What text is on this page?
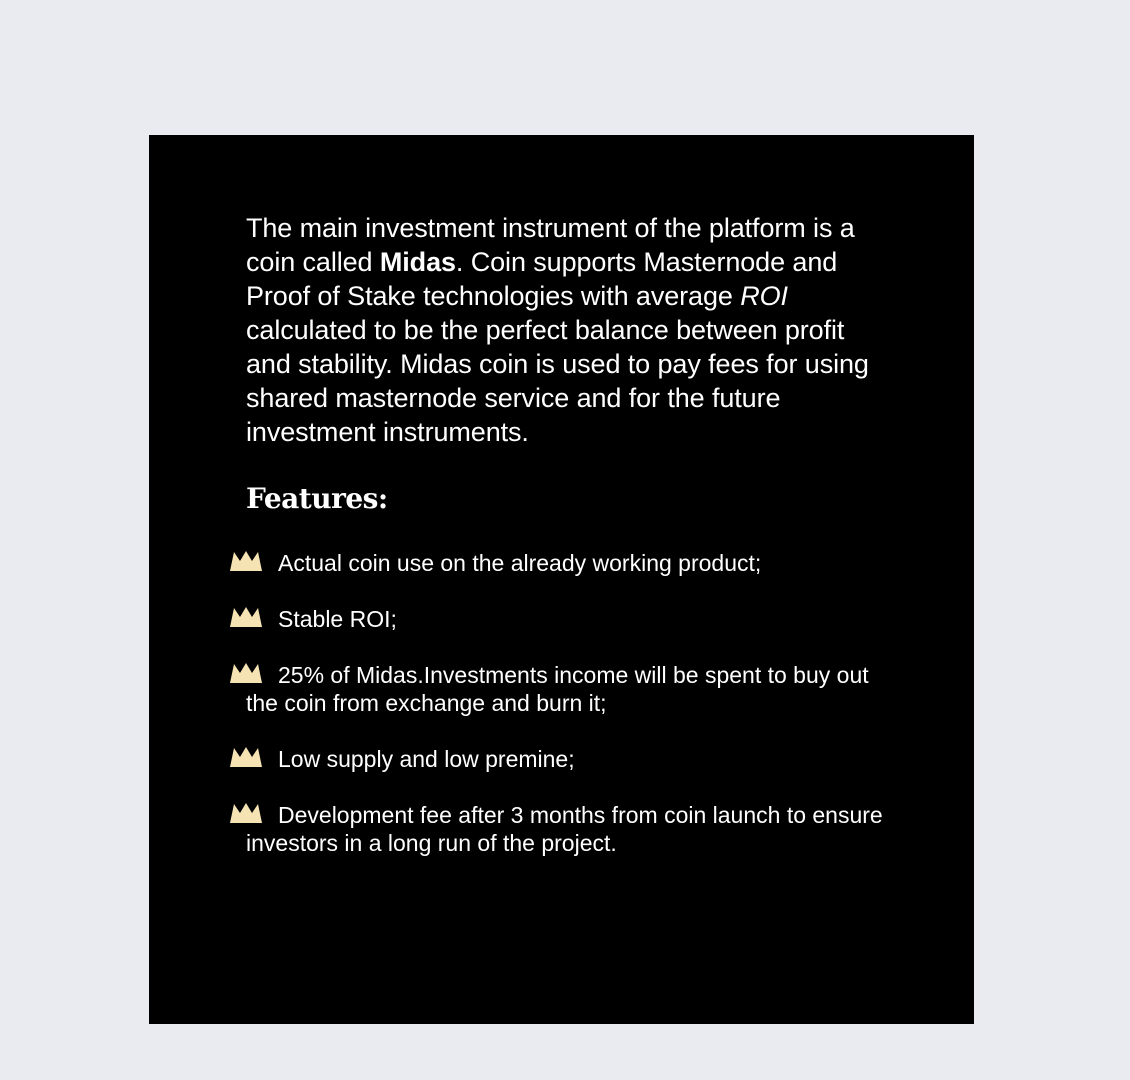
The main investment instrument of the platform is a coin called Midas. Coin supports Masternode and Proof of Stake technologies with average ROI calculated to be the perfect balance between profit and stability. Midas coin is used to pay fees for using shared masternode service and for the future investment instruments.

Features:
Actual coin use on the already working product;
Stable ROI;
25% of Midas.Investments income will be spent to buy out the coin from exchange and burn it;
Low supply and low premine;
Development fee after 3 months from coin launch to ensure investors in a long run of the project.
